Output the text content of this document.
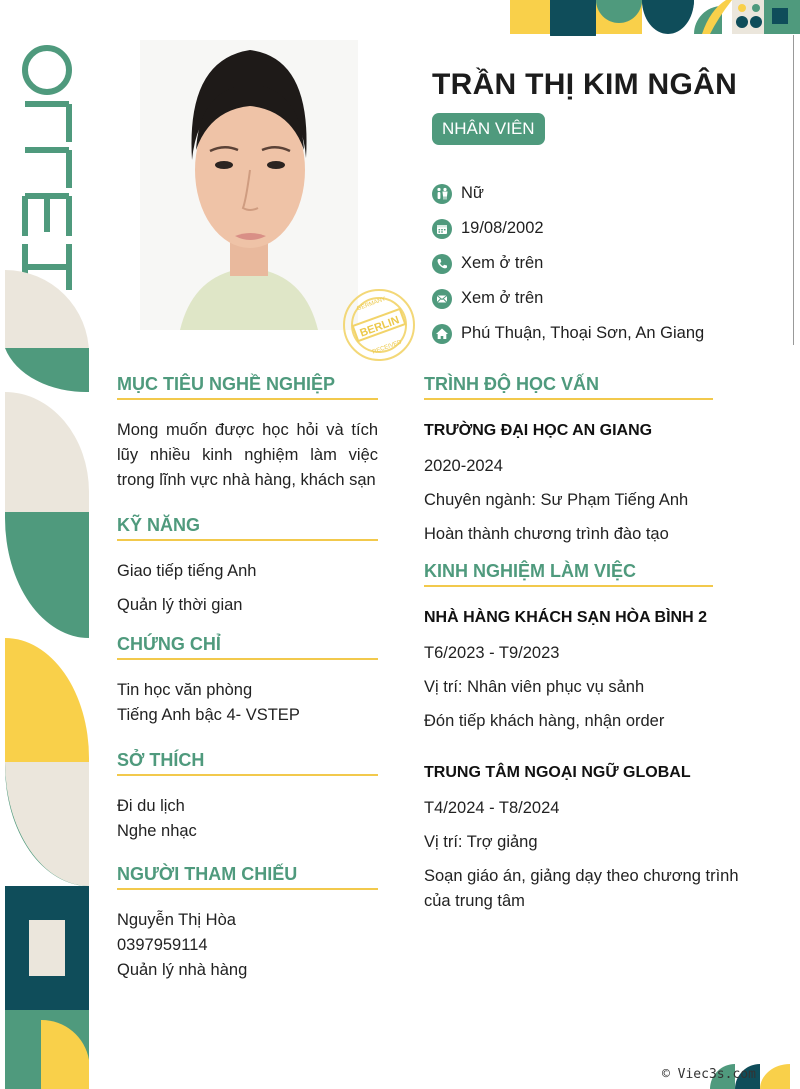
BERLIN
GERMANY
RECEIVED
TRẦN THỊ KIM NGÂN
NHÂN VIÊN
Nữ
19/08/2002
Xem ở trên
Xem ở trên
Phú Thuận, Thoại Sơn, An Giang
MỤC TIÊU NGHỀ NGHIỆP
Mong muốn được học hỏi và tích lũy nhiều kinh nghiệm làm việc trong lĩnh vực nhà hàng, khách sạn
KỸ NĂNG
Giao tiếp tiếng Anh
Quản lý thời gian
CHỨNG CHỈ
Tin học văn phòng
Tiếng Anh bậc 4- VSTEP
SỞ THÍCH
Đi du lịch
Nghe nhạc
NGƯỜI THAM CHIẾU
Nguyễn Thị Hòa
0397959114
Quản lý nhà hàng
TRÌNH ĐỘ HỌC VẤN
TRƯỜNG ĐẠI HỌC AN GIANG
2020-2024
Chuyên ngành: Sư Phạm Tiếng Anh
Hoàn thành chương trình đào tạo
KINH NGHIỆM LÀM VIỆC
NHÀ HÀNG KHÁCH SẠN HÒA BÌNH 2
T6/2023 - T9/2023
Vị trí: Nhân viên phục vụ sảnh
Đón tiếp khách hàng, nhận order
TRUNG TÂM NGOẠI NGỮ GLOBAL
T4/2024 - T8/2024
Vị trí: Trợ giảng
Soạn giáo án, giảng dạy theo chương trình của trung tâm
© Viec3s.com
